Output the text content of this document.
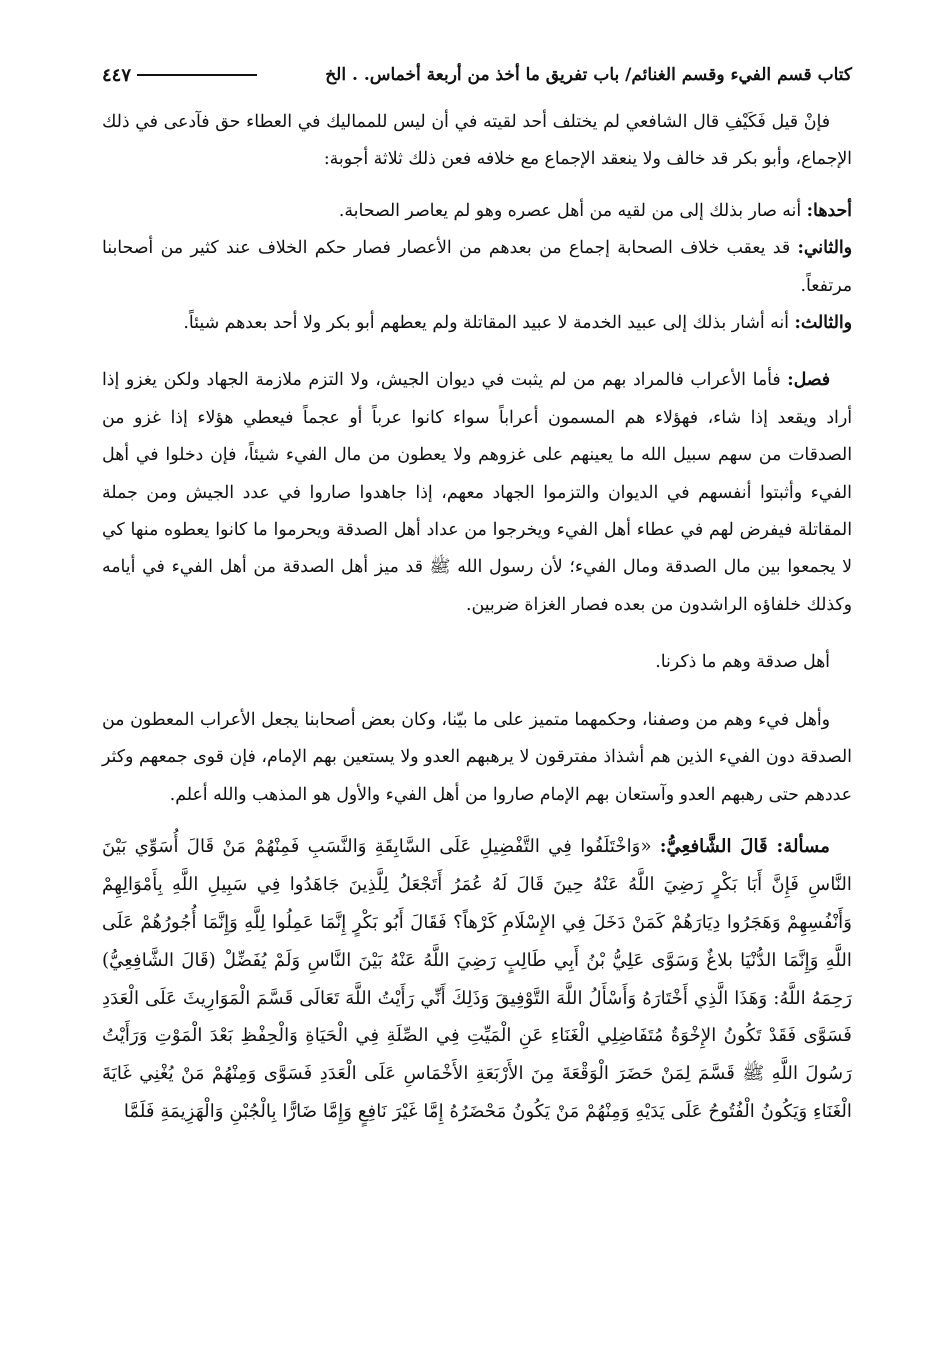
كتاب قسم الفيء وقسم الغنائم/ باب تفريق ما أخذ من أربعة أخماس. . الخ
٤٤٧

فإنْ قيل فَكَيْفِ قال الشافعي لم يختلف أحد لقيته في أن ليس للمماليك في العطاء حق فآدعى في ذلك الإجماع، وأبو بكر قد خالف ولا ينعقد الإجماع مع خلافه فعن ذلك ثلاثة أجوبة:

أحدها: أنه صار بذلك إلى من لقيه من أهل عصره وهو لم يعاصر الصحابة.

والثاني: قد يعقب خلاف الصحابة إجماع من بعدهم من الأعصار فصار حكم الخلاف عند كثير من أصحابنا مرتفعاً.

والثالث: أنه أشار بذلك إلى عبيد الخدمة لا عبيد المقاتلة ولم يعطهم أبو بكر ولا أحد بعدهم شيئاً.

فصل: فأما الأعراب فالمراد بهم من لم يثبت في ديوان الجيش، ولا التزم ملازمة الجهاد ولكن يغزو إذا أراد ويقعد إذا شاء، فهؤلاء هم المسمون أعراباً سواء كانوا عرباً أو عجماً فيعطي هؤلاء إذا غزو من الصدقات من سهم سبيل الله ما يعينهم على غزوهم ولا يعطون من مال الفيء شيئاً، فإن دخلوا في أهل الفيء وأثبتوا أنفسهم في الديوان والتزموا الجهاد معهم، إذا جاهدوا صاروا في عدد الجيش ومن جملة المقاتلة فيفرض لهم في عطاء أهل الفيء ويخرجوا من عداد أهل الصدقة ويحرموا ما كانوا يعطوه منها كي لا يجمعوا بين مال الصدقة ومال الفيء؛ لأن رسول الله ﷺ قد ميز أهل الصدقة من أهل الفيء في أيامه وكذلك خلفاؤه الراشدون من بعده فصار الغزاة ضربين.

أهل صدقة وهم ما ذكرنا.

وأهل فيء وهم من وصفنا، وحكمهما متميز على ما بيّنا، وكان بعض أصحابنا يجعل الأعراب المعطون من الصدقة دون الفيء الذين هم أشذاذ مفترقون لا يرهبهم العدو ولا يستعين بهم الإمام، فإن قوى جمعهم وكثر عددهم حتى رهبهم العدو وآستعان بهم الإمام صاروا من أهل الفيء والأول هو المذهب والله أعلم.

مسألة: قَالَ الشَّافعِيُّ: «وَاخْتَلَفُوا فِي التَّفْضِيلِ عَلَى السَّابِقَةِ وَالنَّسَبِ فَمِنْهُمْ مَنْ قَالَ أُسَوِّي بَيْنَ النَّاسِ فَإِنَّ أَبَا بَكْرٍ رَضِيَ اللَّهُ عَنْهُ حِينَ قَالَ لَهُ عُمَرُ أَتَجْعَلُ لِلَّذِينَ جَاهَدُوا فِي سَبِيلِ اللَّهِ بِأَمْوَالِهِمْ وَأَنْفُسِهِمْ وَهَجَرُوا دِيَارَهُمْ كَمَنْ دَخَلَ فِي الإِسْلَامِ كَرْهاً؟ فَقَالَ أَبُو بَكْرٍ إِنَّمَا عَمِلُوا لِلَّهِ وَإِنَّمَا أُجُورُهُمْ عَلَى اللَّهِ وَإِنَّمَا الدُّنْيَا بلاغٌ وَسَوَّى عَلِيُّ بْنُ أَبِي طَالِبٍ رَضِيَ اللَّهُ عَنْهُ بَيْنَ النَّاسِ وَلَمْ يُفَضِّلْ (قَالَ الشَّافِعِيُّ) رَحِمَهُ اللَّهُ: وَهَذَا الَّذِي أَخْتَارَهُ وَأَسْأَلُ اللَّهَ التَّوْفِيقَ وَذَلِكَ أَنِّي رَأَيْتُ اللَّهَ تَعَالَى قَسَّمَ الْمَوَارِيثَ عَلَى الْعَدَدِ فَسَوَّى فَقَدْ تَكُونُ الإِخْوَةُ مُتَفَاضِلِي الْغَنَاءِ عَنِ الْمَيِّتِ فِي الصِّلَةِ فِي الْحَيَاةِ وَالْحِفْظِ بَعْدَ الْمَوْتِ وَرَأَيْتُ رَسُولَ اللَّهِ ﷺ قَسَّمَ لِمَنْ حَضَرَ الْوَقْعَةَ مِنَ الأَرْبَعَةِ الأَخْمَاسِ عَلَى الْعَدَدِ فَسَوَّى وَمِنْهُمْ مَنْ يُغْنِي غَايَةَ الْغَنَاءِ وَيَكُونُ الْفُتُوحُ عَلَى يَدَيْهِ وَمِنْهُمْ مَنْ يَكُونُ مَحْضَرُهُ إِمَّا غَيْرَ نَافِعٍ وَإِمَّا ضَارًّا بِالْجُبْنِ وَالْهَزِيمَةِ فَلَمَّا
